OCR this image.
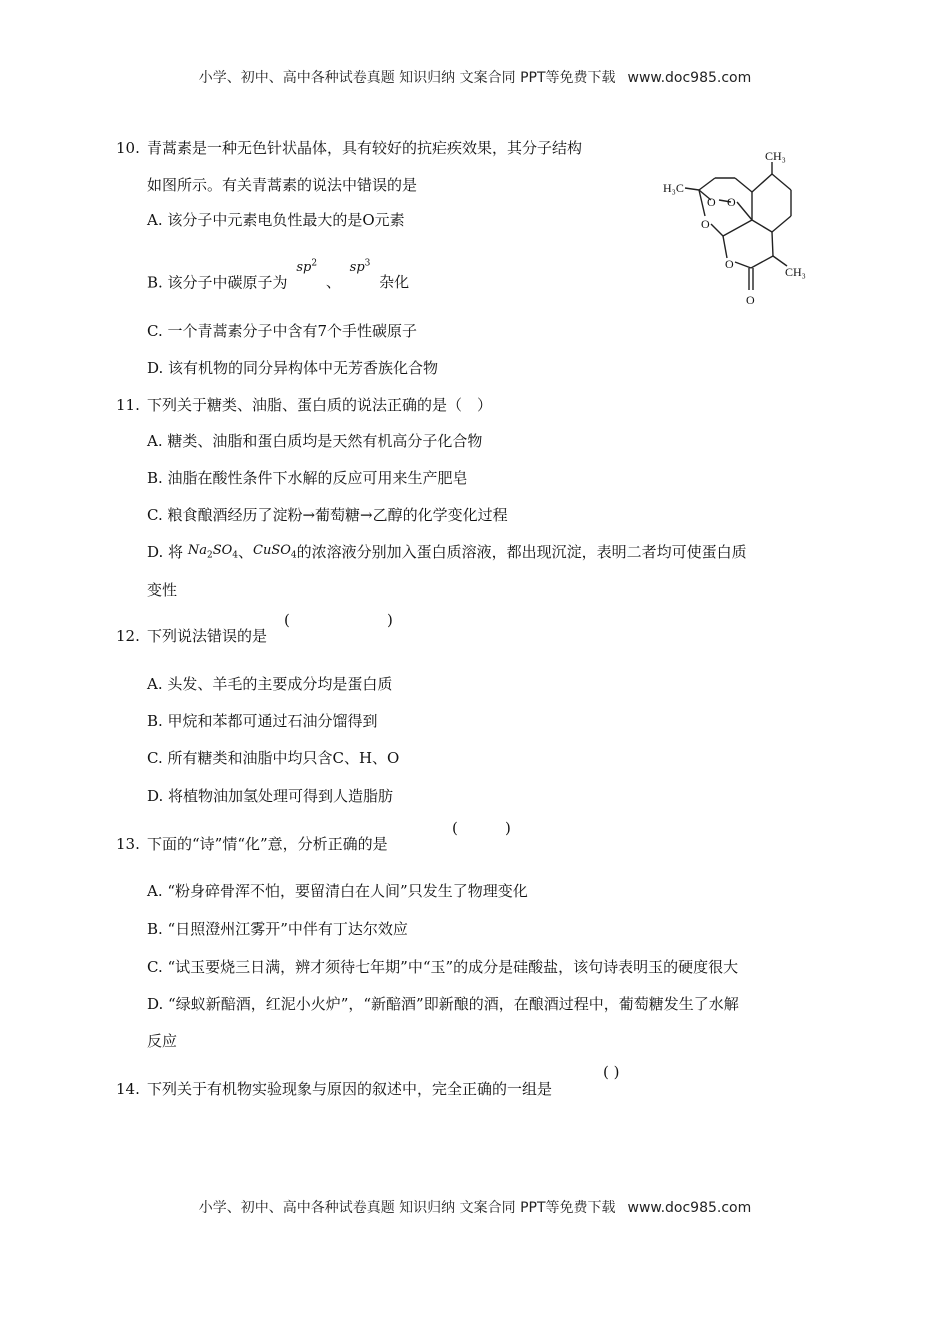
小学、初中、高中各种试卷真题 知识归纳 文案合同 PPT等免费下载 www.doc985.com
10. 青蒿素是一种无色针状晶体，具有较好的抗疟疾效果，其分子结构
如图所示。有关青蒿素的说法中错误的是
A. 该分子中元素电负性最大的是O元素
B. 该分子中碳原子为 $sp^2$ 、 $sp^3$ 杂化
C. 一个青蒿素分子中含有7个手性碳原子
D. 该有机物的同分异构体中无芳香族化合物
CH₃
H₃C
O O
O
O
CH₃
O
11. 下列关于糖类、油脂、蛋白质的说法正确的是（　）
A. 糖类、油脂和蛋白质均是天然有机高分子化合物
B. 油脂在酸性条件下水解的反应可用来生产肥皂
C. 粮食酿酒经历了淀粉→葡萄糖→乙醇的化学变化过程
D. 将 $Na_2SO_4$、CuSO$_4$的浓溶液分别加入蛋白质溶液，都出现沉淀，表明二者均可使蛋白质
变性
12. 下列说法错误的是
(	)
A. 头发、羊毛的主要成分均是蛋白质
B. 甲烷和苯都可通过石油分馏得到
C. 所有糖类和油脂中均只含C、H、O
D. 将植物油加氢处理可得到人造脂肪
13. 下面的“诗”情“化”意，分析正确的是
(	)
A. “粉身碎骨浑不怕，要留清白在人间”只发生了物理变化
B. “日照澄州江雾开”中伴有丁达尔效应
C. “试玉要烧三日满，辨才须待七年期”中“玉”的成分是硅酸盐，该句诗表明玉的硬度很大
D. “绿蚁新醅酒，红泥小火炉”，“新醅酒”即新酿的酒，在酿酒过程中，葡萄糖发生了水解
反应
14. 下列关于有机物实验现象与原因的叙述中，完全正确的一组是
( )
小学、初中、高中各种试卷真题 知识归纳 文案合同 PPT等免费下载 www.doc985.com
